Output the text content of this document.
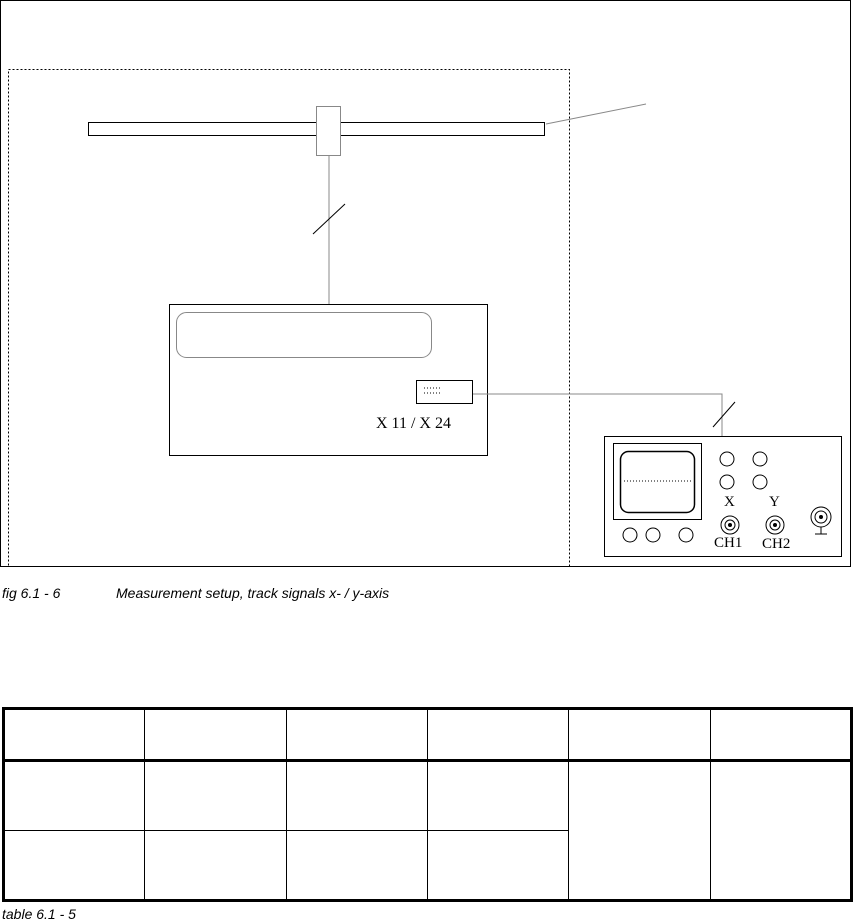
X 11 / X 24
X Y
CH1 CH2
fig 6.1 - 6	Measurement setup, track signals x- / y-axis

table 6.1 - 5
